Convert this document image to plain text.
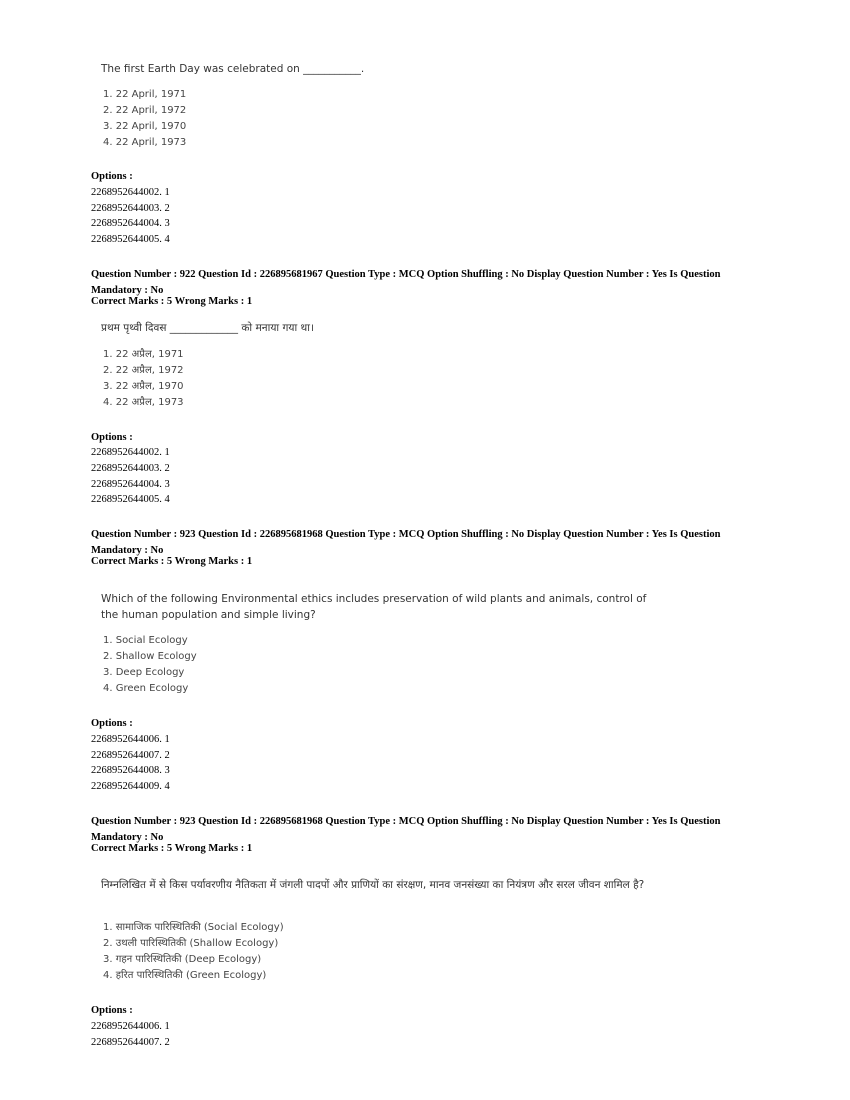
The first Earth Day was celebrated on ___________.
1. 22 April, 1971
2. 22 April, 1972
3. 22 April, 1970
4. 22 April, 1973
Options :
2268952644002. 1
2268952644003. 2
2268952644004. 3
2268952644005. 4
Question Number : 922 Question Id : 226895681967 Question Type : MCQ Option Shuffling : No Display Question Number : Yes Is Question Mandatory : No
Correct Marks : 5 Wrong Marks : 1
प्रथम पृथ्वी दिवस _____________ को मनाया गया था।
1. 22 अप्रैल, 1971
2. 22 अप्रैल, 1972
3. 22 अप्रैल, 1970
4. 22 अप्रैल, 1973
Options :
2268952644002. 1
2268952644003. 2
2268952644004. 3
2268952644005. 4
Question Number : 923 Question Id : 226895681968 Question Type : MCQ Option Shuffling : No Display Question Number : Yes Is Question Mandatory : No
Correct Marks : 5 Wrong Marks : 1
Which of the following Environmental ethics includes preservation of wild plants and animals, control of the human population and simple living?
1. Social Ecology
2. Shallow Ecology
3. Deep Ecology
4. Green Ecology
Options :
2268952644006. 1
2268952644007. 2
2268952644008. 3
2268952644009. 4
Question Number : 923 Question Id : 226895681968 Question Type : MCQ Option Shuffling : No Display Question Number : Yes Is Question Mandatory : No
Correct Marks : 5 Wrong Marks : 1
निम्नलिखित में से किस पर्यावरणीय नैतिकता में जंगली पादपों और प्राणियों का संरक्षण, मानव जनसंख्या का नियंत्रण और सरल जीवन शामिल है?
1. सामाजिक पारिस्थितिकी (Social Ecology)
2. उथली पारिस्थितिकी (Shallow Ecology)
3. गहन पारिस्थितिकी (Deep Ecology)
4. हरित पारिस्थितिकी (Green Ecology)
Options :
2268952644006. 1
2268952644007. 2
